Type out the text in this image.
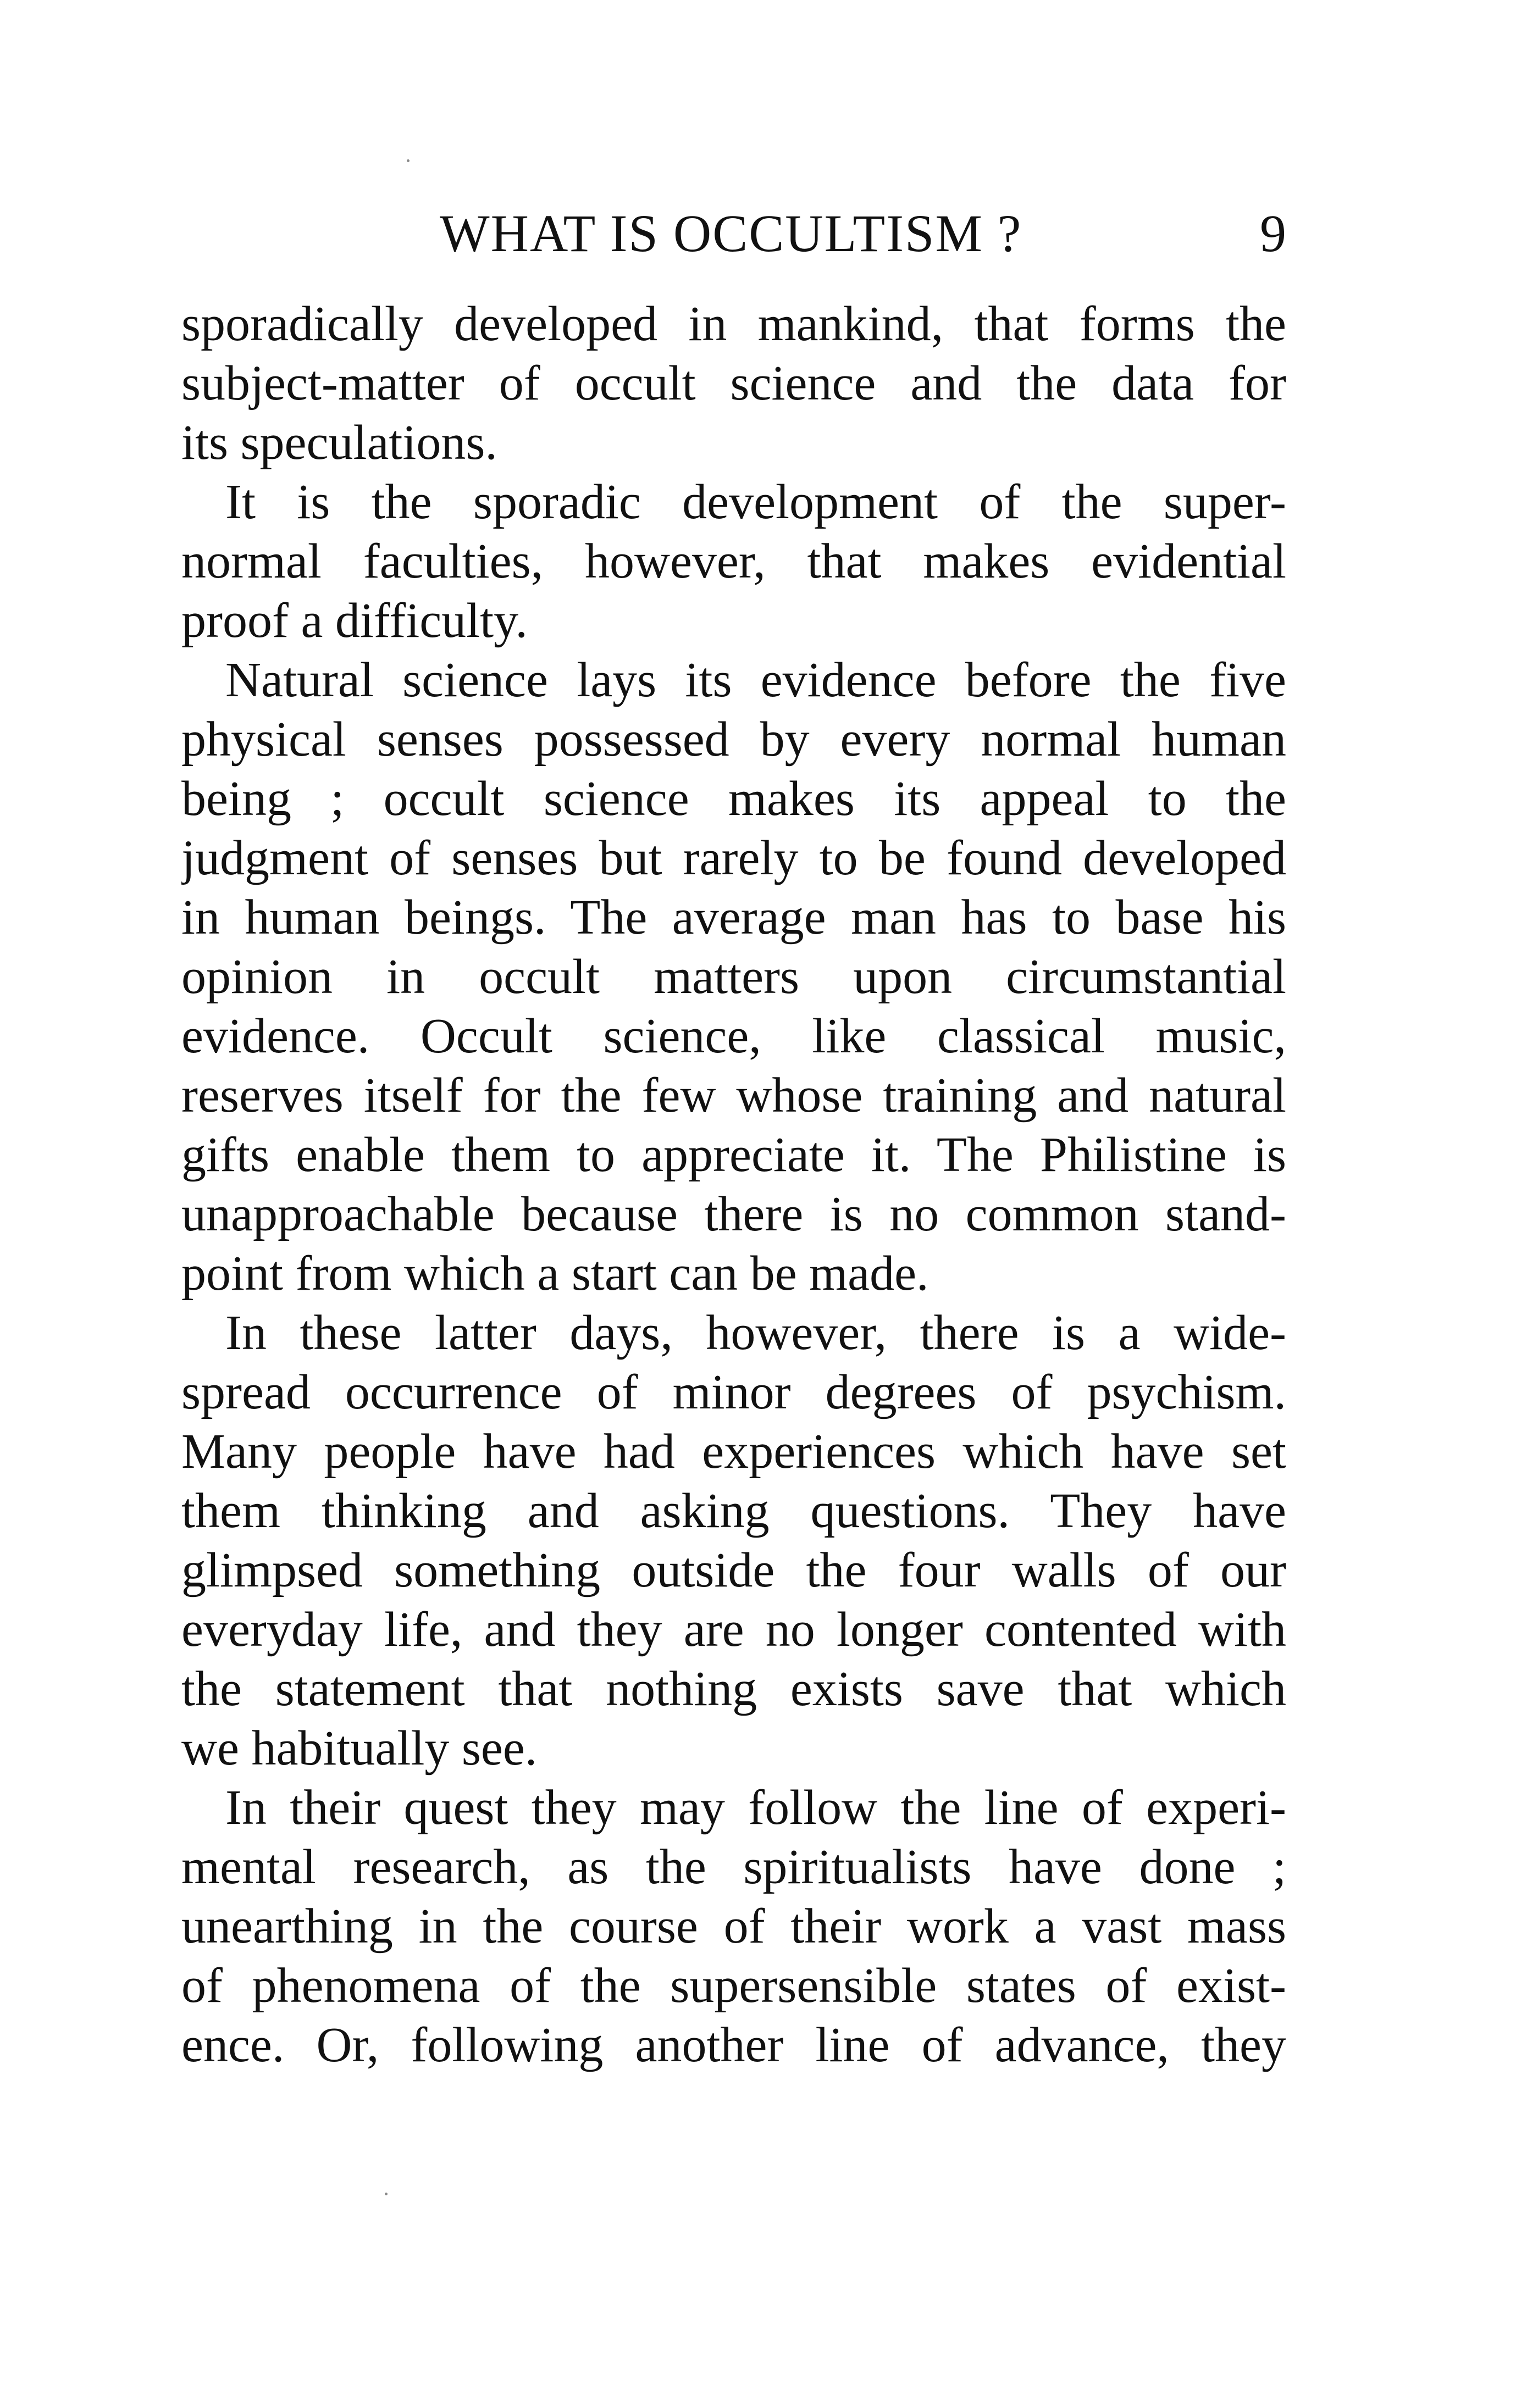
WHAT IS OCCULTISM ?	9
sporadically developed in mankind, that forms the
subject-matter of occult science and the data for
its speculations.
It is the sporadic development of the super-
normal faculties, however, that makes evidential
proof a difficulty.
Natural science lays its evidence before the five
physical senses possessed by every normal human
being ; occult science makes its appeal to the
judgment of senses but rarely to be found developed
in human beings. The average man has to base his
opinion in occult matters upon circumstantial
evidence. Occult science, like classical music,
reserves itself for the few whose training and natural
gifts enable them to appreciate it. The Philistine is
unapproachable because there is no common stand-
point from which a start can be made.
In these latter days, however, there is a wide-
spread occurrence of minor degrees of psychism.
Many people have had experiences which have set
them thinking and asking questions. They have
glimpsed something outside the four walls of our
everyday life, and they are no longer contented with
the statement that nothing exists save that which
we habitually see.
In their quest they may follow the line of experi-
mental research, as the spiritualists have done ;
unearthing in the course of their work a vast mass
of phenomena of the supersensible states of exist-
ence. Or, following another line of advance, they
